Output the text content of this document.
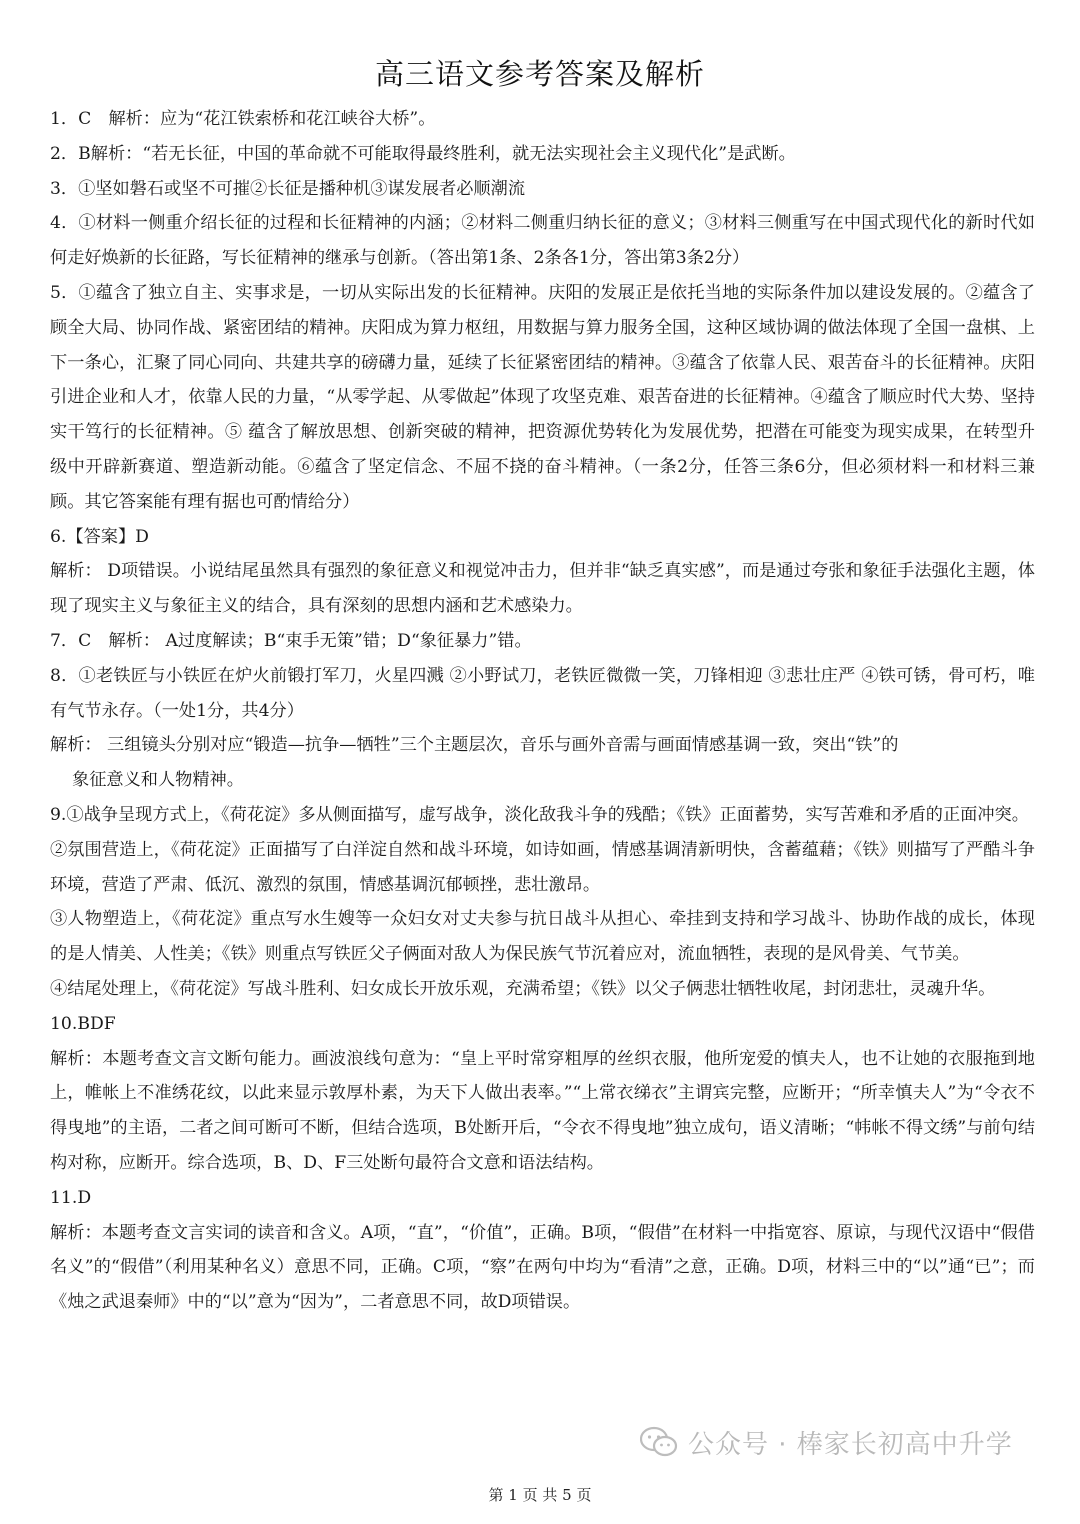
高三语文参考答案及解析

1．C　解析：应为“花江铁索桥和花江峡谷大桥”。

2．B解析：“若无长征，中国的革命就不可能取得最终胜利，就无法实现社会主义现代化”是武断。

3．①坚如磐石或坚不可摧②长征是播种机③谋发展者必顺潮流

4．①材料一侧重介绍长征的过程和长征精神的内涵；②材料二侧重归纳长征的意义；③材料三侧重写在中国式现代化的新时代如何走好焕新的长征路，写长征精神的继承与创新。（答出第1条、2条各1分，答出第3条2分）

5．①蕴含了独立自主、实事求是，一切从实际出发的长征精神。庆阳的发展正是依托当地的实际条件加以建设发展的。②蕴含了顾全大局、协同作战、紧密团结的精神。庆阳成为算力枢纽，用数据与算力服务全国，这种区域协调的做法体现了全国一盘棋、上下一条心，汇聚了同心同向、共建共享的磅礴力量，延续了长征紧密团结的精神。③蕴含了依靠人民、艰苦奋斗的长征精神。庆阳引进企业和人才，依靠人民的力量，“从零学起、从零做起”体现了攻坚克难、艰苦奋进的长征精神。④蕴含了顺应时代大势、坚持实干笃行的长征精神。⑤ 蕴含了解放思想、创新突破的精神，把资源优势转化为发展优势，把潜在可能变为现实成果，在转型升级中开辟新赛道、塑造新动能。⑥蕴含了坚定信念、不屈不挠的奋斗精神。（一条2分，任答三条6分，但必须材料一和材料三兼顾。其它答案能有理有据也可酌情给分）

6.【答案】D

解析： D项错误。小说结尾虽然具有强烈的象征意义和视觉冲击力，但并非“缺乏真实感”，而是通过夸张和象征手法强化主题，体现了现实主义与象征主义的结合，具有深刻的思想内涵和艺术感染力。

7．C　解析： A过度解读；B“束手无策”错；D“象征暴力”错。

8．①老铁匠与小铁匠在炉火前锻打军刀，火星四溅 ②小野试刀，老铁匠微微一笑，刀锋相迎 ③悲壮庄严 ④铁可锈，骨可朽，唯有气节永存。（一处1分，共4分）

解析： 三组镜头分别对应“锻造—抗争—牺牲”三个主题层次，音乐与画外音需与画面情感基调一致，突出“铁”的

象征意义和人物精神。

9.①战争呈现方式上，《荷花淀》多从侧面描写，虚写战争，淡化敌我斗争的残酷；《铁》正面蓄势，实写苦难和矛盾的正面冲突。

②氛围营造上，《荷花淀》正面描写了白洋淀自然和战斗环境，如诗如画，情感基调清新明快，含蓄蕴藉；《铁》则描写了严酷斗争环境，营造了严肃、低沉、激烈的氛围，情感基调沉郁顿挫，悲壮激昂。

③人物塑造上，《荷花淀》重点写水生嫂等一众妇女对丈夫参与抗日战斗从担心、牵挂到支持和学习战斗、协助作战的成长，体现的是人情美、人性美；《铁》则重点写铁匠父子俩面对敌人为保民族气节沉着应对，流血牺牲，表现的是风骨美、气节美。

④结尾处理上，《荷花淀》写战斗胜利、妇女成长开放乐观，充满希望；《铁》以父子俩悲壮牺牲收尾，封闭悲壮，灵魂升华。

10.BDF

解析：本题考查文言文断句能力。画波浪线句意为：“皇上平时常穿粗厚的丝织衣服，他所宠爱的慎夫人，也不让她的衣服拖到地上，帷帐上不准绣花纹，以此来显示敦厚朴素，为天下人做出表率。”“上常衣绨衣”主谓宾完整，应断开；“所幸慎夫人”为“令衣不得曳地”的主语，二者之间可断可不断，但结合选项，B处断开后，“令衣不得曳地”独立成句，语义清晰；“帏帐不得文绣”与前句结构对称，应断开。综合选项，B、D、F三处断句最符合文意和语法结构。

11.D

解析：本题考查文言实词的读音和含义。A项，“直”，“价值”，正确。B项，“假借”在材料一中指宽容、原谅，与现代汉语中“假借名义”的“假借”（利用某种名义）意思不同，正确。C项，“察”在两句中均为“看清”之意，正确。D项，材料三中的“以”通“已”；而《烛之武退秦师》中的“以”意为“因为”，二者意思不同，故D项错误。

公众号 · 棒家长初高中升学
第 1 页 共 5 页
